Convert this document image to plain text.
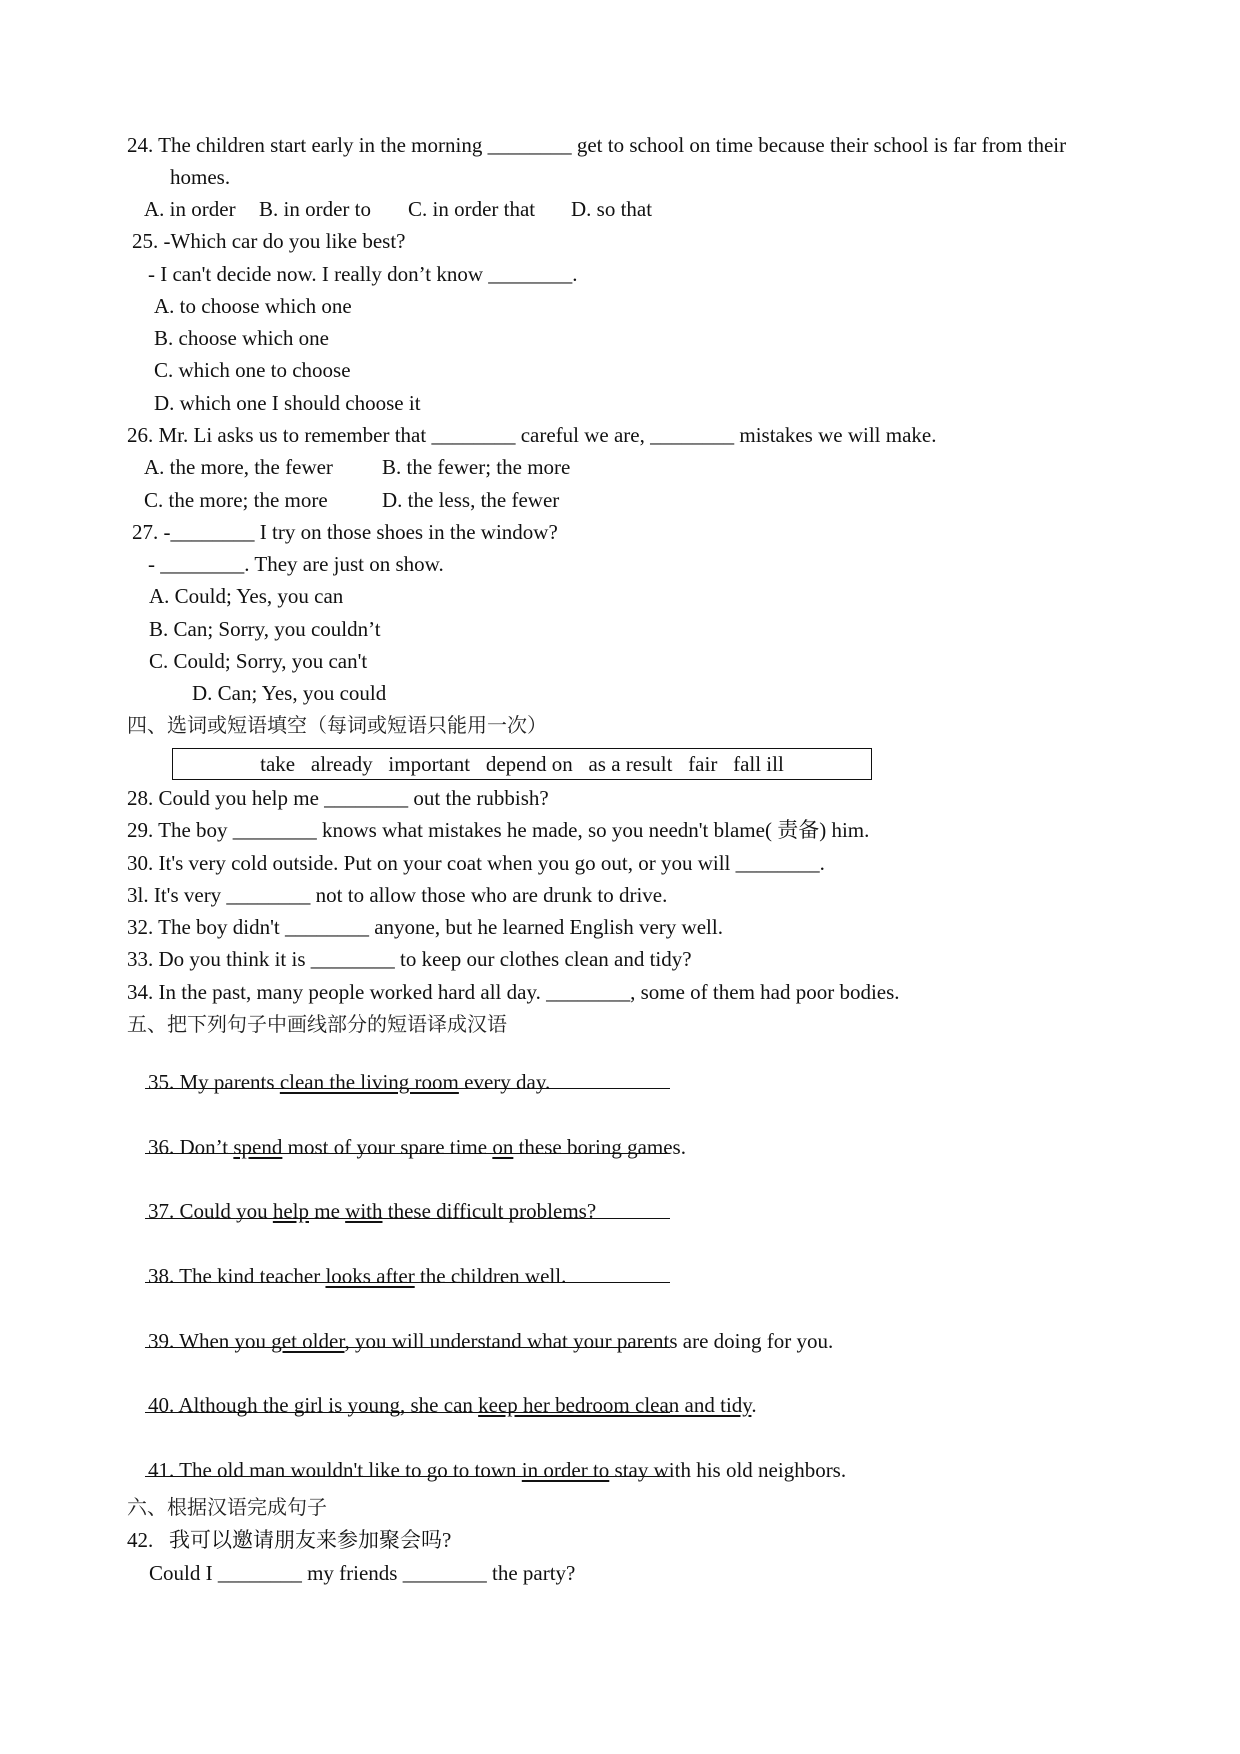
24. The children start early in the morning ________ get to school on time because their school is far from their
homes.
A. in order B. in order to C. in order that D. so that
25. -Which car do you like best?
- I can't decide now. I really don’t know ________.
A. to choose which one
B. choose which one
C. which one to choose
D. which one I should choose it
26. Mr. Li asks us to remember that ________ careful we are, ________ mistakes we will make.
A. the more, the fewer B. the fewer; the more
C. the more; the more	D. the less, the fewer
27. -________ I try on those shoes in the window?
- ________. They are just on show.
A. Could; Yes, you can
B. Can; Sorry, you couldn’t
C. Could; Sorry, you can't
D. Can; Yes, you could
四、选词或短语填空（每词或短语只能用一次）
take   already   important   depend on   as a result   fair   fall ill
28. Could you help me ________ out the rubbish?
29. The boy ________ knows what mistakes he made, so you needn't blame( 责备) him.
30. It's very cold outside. Put on your coat when you go out, or you will ________.
3l. It's very ________ not to allow those who are drunk to drive.
32. The boy didn't ________ anyone, but he learned English very well.
33. Do you think it is ________ to keep our clothes clean and tidy?
34. In the past, many people worked hard all day. ________, some of them had poor bodies.
五、把下列句子中画线部分的短语译成汉语

35. My parents clean the living room every day.

36. Don’t spend most of your spare time on these boring games.

37. Could you help me with these difficult problems?

38. The kind teacher looks after the children well.

39. When you get older, you will understand what your parents are doing for you.

40. Although the girl is young, she can keep her bedroom clean and tidy.

41. The old man wouldn't like to go to town in order to stay with his old neighbors.

六、根据汉语完成句子
42.   我可以邀请朋友来参加聚会吗?
Could I ________ my friends ________ the party?
